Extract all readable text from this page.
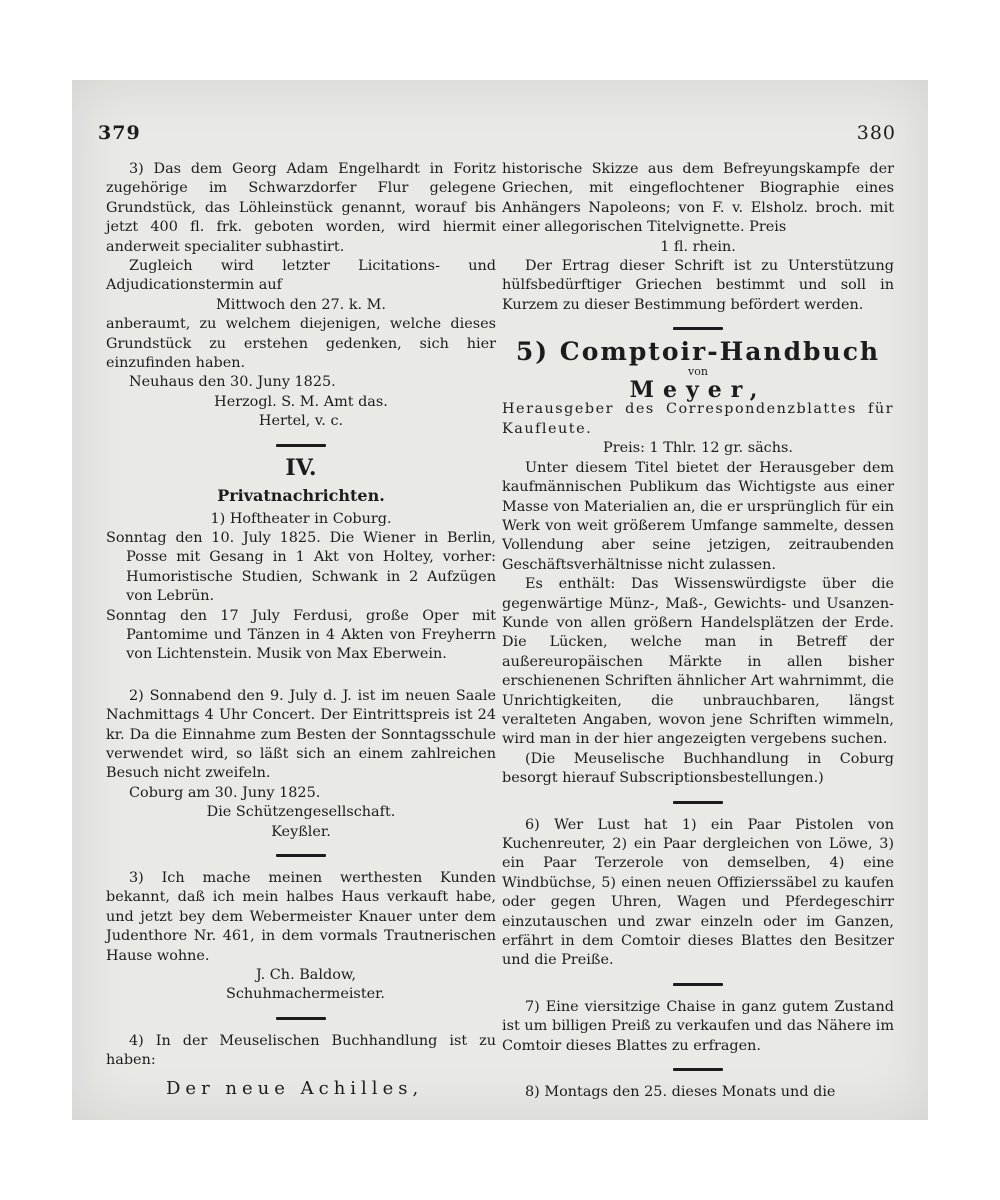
379	380

3) Das dem Georg Adam Engelhardt in Foritz zugehörige im Schwarzdorfer Flur gelegene Grundstück, das Löhleinstück genannt, worauf bis jetzt 400 fl. frk. geboten worden, wird hiermit anderweit specialiter subhastirt.

Zugleich wird letzter Licitations- und Adjudicationstermin auf

Mittwoch den 27. k. M.

anberaumt, zu welchem diejenigen, welche dieses Grundstück zu erstehen gedenken, sich hier einzufinden haben.

Neuhaus den 30. Juny 1825.

Herzogl. S. M. Amt das.

Hertel, v. c.

IV.
Privatnachrichten.

1) Hoftheater in Coburg.

Sonntag den 10. July 1825. Die Wiener in Berlin, Posse mit Gesang in 1 Akt von Holtey, vorher: Humoristische Studien, Schwank in 2 Aufzügen von Lebrün.

Sonntag den 17 July Ferdusi, große Oper mit Pantomime und Tänzen in 4 Akten von Freyherrn von Lichtenstein. Musik von Max Eberwein.

2) Sonnabend den 9. July d. J. ist im neuen Saale Nachmittags 4 Uhr Concert. Der Eintrittspreis ist 24 kr. Da die Einnahme zum Besten der Sonntagsschule verwendet wird, so läßt sich an einem zahlreichen Besuch nicht zweifeln.

Coburg am 30. Juny 1825.

Die Schützengesellschaft.

Keyßler.

3) Ich mache meinen werthesten Kunden bekannt, daß ich mein halbes Haus verkauft habe, und jetzt bey dem Webermeister Knauer unter dem Judenthore Nr. 461, in dem vormals Trautnerischen Hause wohne.

J. Ch. Baldow,

Schuhmachermeister.

4) In der Meuselischen Buchhandlung ist zu haben:

Der neue Achilles,

historische Skizze aus dem Befreyungskampfe der Griechen, mit eingeflochtener Biographie eines Anhängers Napoleons; von F. v. Elsholz. broch. mit einer allegorischen Titelvignette. Preis

1 fl. rhein.

Der Ertrag dieser Schrift ist zu Unterstützung hülfsbedürftiger Griechen bestimmt und soll in Kurzem zu dieser Bestimmung befördert werden.

5) Comptoir-Handbuch
von
Meyer,

Herausgeber des Correspondenzblattes für Kaufleute.

Preis: 1 Thlr. 12 gr. sächs.

Unter diesem Titel bietet der Herausgeber dem kaufmännischen Publikum das Wichtigste aus einer Masse von Materialien an, die er ursprünglich für ein Werk von weit größerem Umfange sammelte, dessen Vollendung aber seine jetzigen, zeitraubenden Geschäftsverhältnisse nicht zulassen.

Es enthält: Das Wissenswürdigste über die gegenwärtige Münz-, Maß-, Gewichts- und Usanzen-Kunde von allen größern Handelsplätzen der Erde. Die Lücken, welche man in Betreff der außereuropäischen Märkte in allen bisher erschienenen Schriften ähnlicher Art wahrnimmt, die Unrichtigkeiten, die unbrauchbaren, längst veralteten Angaben, wovon jene Schriften wimmeln, wird man in der hier angezeigten vergebens suchen.

(Die Meuselische Buchhandlung in Coburg besorgt hierauf Subscriptionsbestellungen.)

6) Wer Lust hat 1) ein Paar Pistolen von Kuchenreuter, 2) ein Paar dergleichen von Löwe, 3) ein Paar Terzerole von demselben, 4) eine Windbüchse, 5) einen neuen Offizierssäbel zu kaufen oder gegen Uhren, Wagen und Pferdegeschirr einzutauschen und zwar einzeln oder im Ganzen, erfährt in dem Comtoir dieses Blattes den Besitzer und die Preiße.

7) Eine viersitzige Chaise in ganz gutem Zustand ist um billigen Preiß zu verkaufen und das Nähere im Comtoir dieses Blattes zu erfragen.

8) Montags den 25. dieses Monats und die
